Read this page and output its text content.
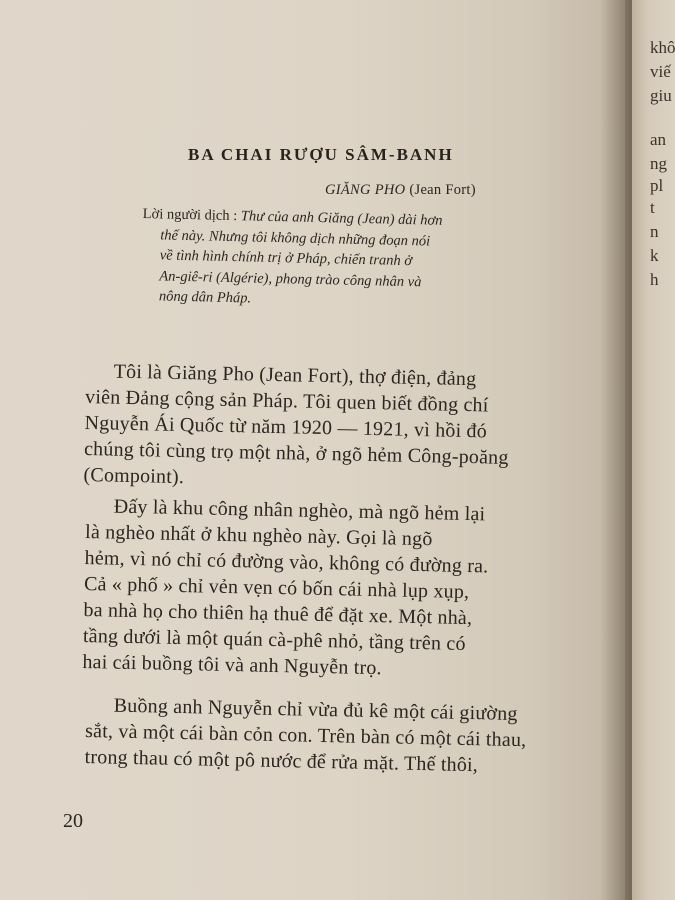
BA CHAI RƯỢU SÂM-BANH
GIĂNG PHO (Jean Fort)
Lời người dịch : Thư của anh Giăng (Jean) dài hơn
thế này. Nhưng tôi không dịch những đoạn nói
về tình hình chính trị ở Pháp, chiến tranh ở
An-giê-ri (Algérie), phong trào công nhân và
nông dân Pháp.
Tôi là Giăng Pho (Jean Fort), thợ điện, đảng
viên Đảng cộng sản Pháp. Tôi quen biết đồng chí
Nguyễn Ái Quốc từ năm 1920 — 1921, vì hồi đó
chúng tôi cùng trọ một nhà, ở ngõ hẻm Công-poăng
(Compoint).
Đấy là khu công nhân nghèo, mà ngõ hẻm lại
là nghèo nhất ở khu nghèo này. Gọi là ngõ
hẻm, vì nó chỉ có đường vào, không có đường ra.
Cả « phố » chỉ vẻn vẹn có bốn cái nhà lụp xụp,
ba nhà họ cho thiên hạ thuê để đặt xe. Một nhà,
tầng dưới là một quán cà-phê nhỏ, tầng trên có
hai cái buồng tôi và anh Nguyễn trọ.
Buồng anh Nguyễn chỉ vừa đủ kê một cái giường
sắt, và một cái bàn cỏn con. Trên bàn có một cái thau,
trong thau có một pô nước để rửa mặt. Thế thôi,
20
khô
viế
giu
an
ng
pl
t
n
k
h
